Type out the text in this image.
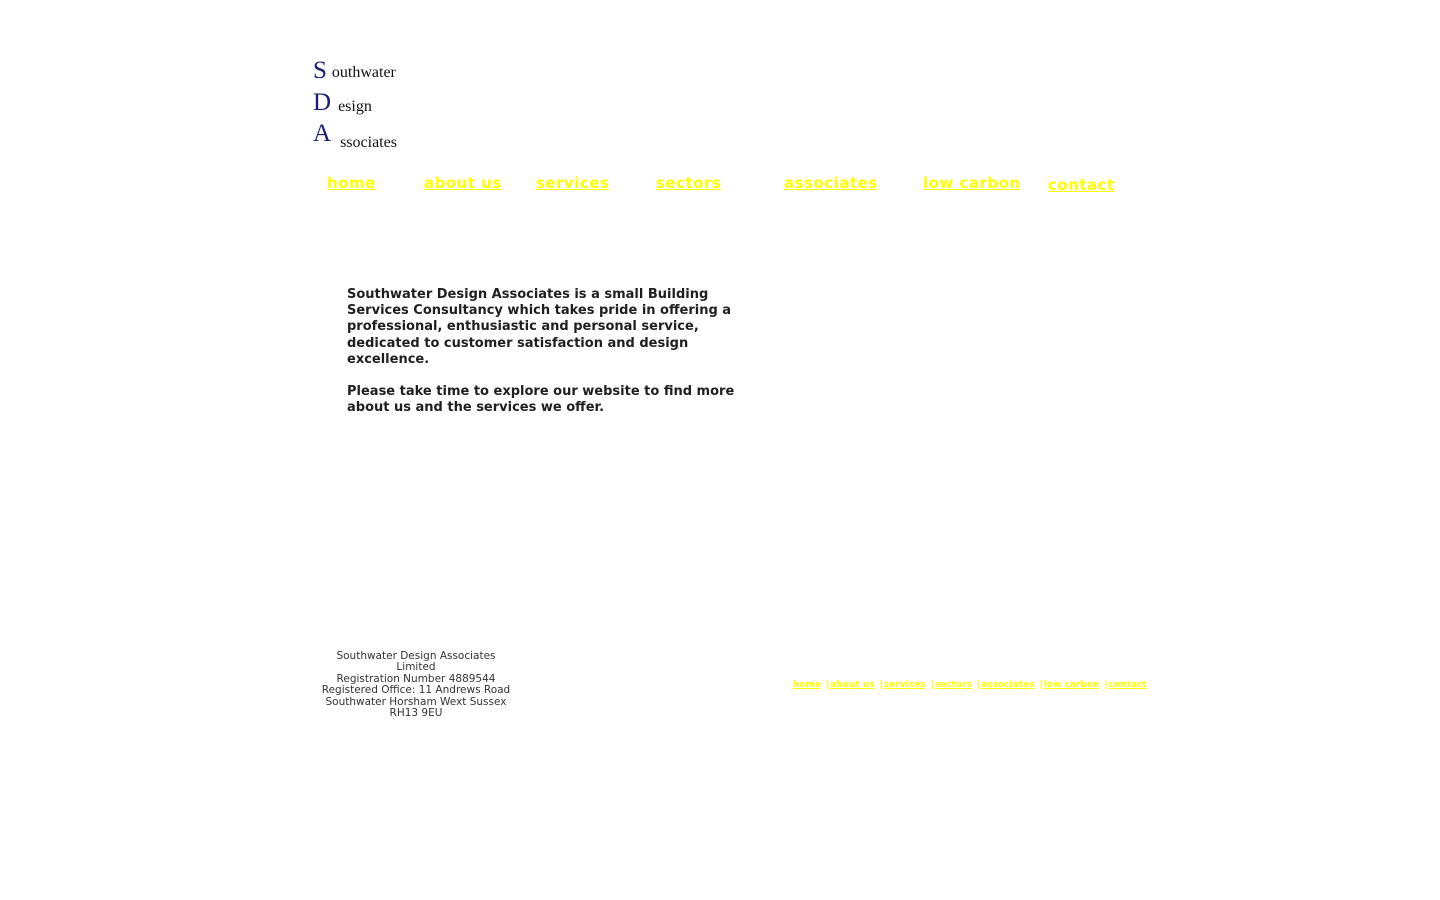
S outhwater
D esign
A ssociates
home	about us services	sectors	associates	low carbon contact

Southwater Design Associates is a small Building Services Consultancy which takes pride in offering a professional, enthusiastic and personal service, dedicated to customer satisfaction and design excellence.

Please take time to explore our website to find more about us and the services we offer.

Southwater Design Associates Limited
Registration Number 4889544
Registered Office: 11 Andrews Road
Southwater Horsham Wext Sussex
RH13 9EU
home |about us |services |sectors |associates |low carbon |contact
